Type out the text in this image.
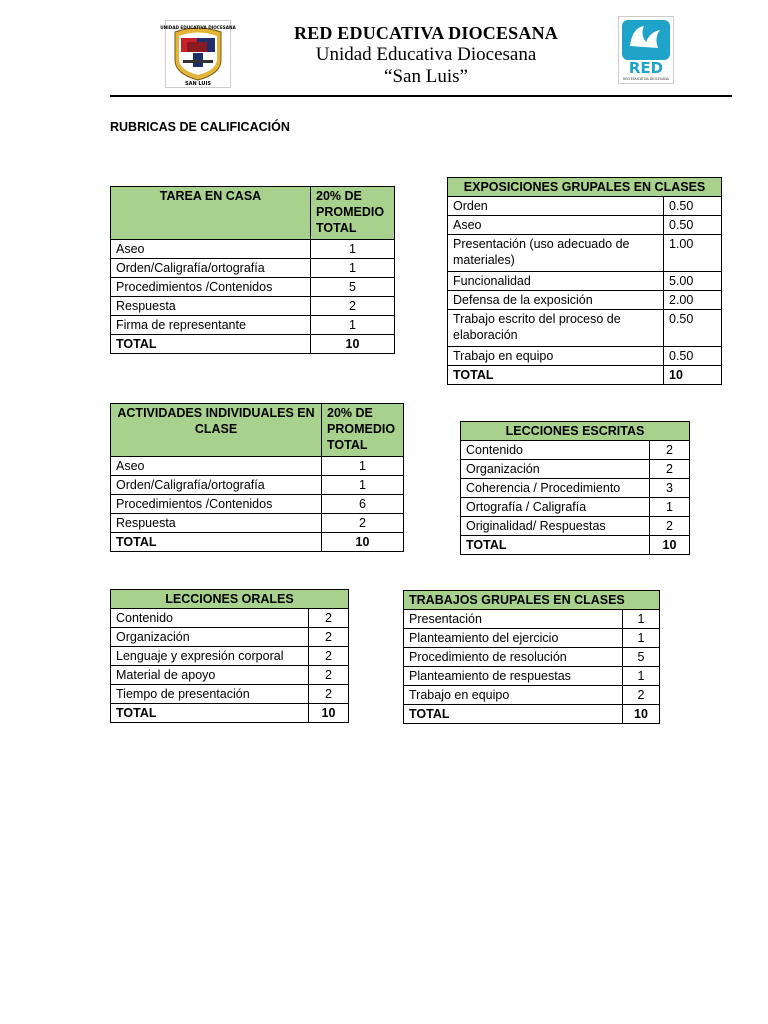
UNIDAD EDUCATIVA DIOCESANA
SAN LUIS
RED EDUCATIVA DIOCESANA
Unidad Educativa Diocesana
“San Luis”	RED
RED EDUCATIVA DIOCESANA
RUBRICAS DE CALIFICACIÓN
TAREA EN CASA	20% DE PROMEDIO TOTAL
Aseo	1
Orden/Caligrafía/ortografía	1
Procedimientos /Contenidos	5
Respuesta	2
Firma de representante	1
TOTAL	10
EXPOSICIONES GRUPALES EN CLASES	
Orden	0.50
Aseo	0.50
Presentación (uso adecuado de materiales)	1.00
Funcionalidad	5.00
Defensa de la exposición	2.00
Trabajo escrito del proceso de elaboración	0.50
Trabajo en equipo	0.50
TOTAL	10
ACTIVIDADES INDIVIDUALES EN CLASE	20% DE PROMEDIO TOTAL
Aseo	1
Orden/Caligrafía/ortografía	1
Procedimientos /Contenidos	6
Respuesta	2
TOTAL	10
LECCIONES ESCRITAS	
Contenido	2
Organización	2
Coherencia / Procedimiento	3
Ortografía / Caligrafía	1
Originalidad/ Respuestas	2
TOTAL	10
LECCIONES ORALES	
Contenido	2
Organización	2
Lenguaje y expresión corporal	2
Material de apoyo	2
Tiempo de presentación	2
TOTAL	10
TRABAJOS GRUPALES EN CLASES	
Presentación	1
Planteamiento del ejercicio	1
Procedimiento de resolución	5
Planteamiento de respuestas	1
Trabajo en equipo	2
TOTAL	10
